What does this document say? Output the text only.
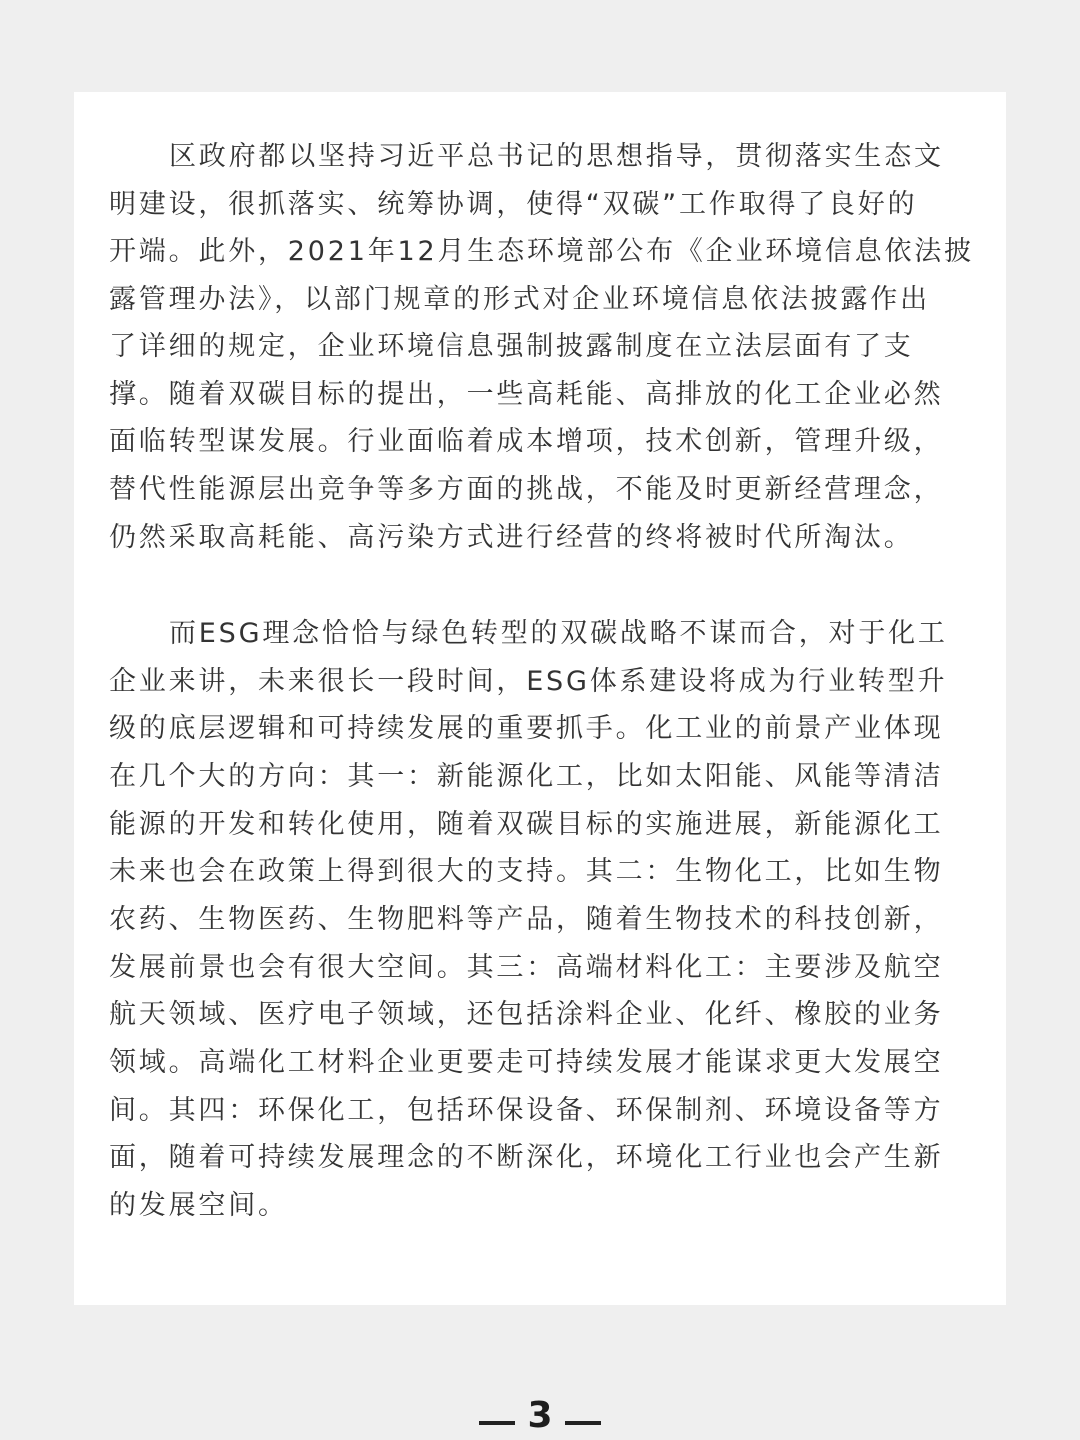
区政府都以坚持习近平总书记的思想指导，贯彻落实生态文
明建设，很抓落实、统筹协调，使得“双碳”工作取得了良好的
开端。此外，2021年12月生态环境部公布《企业环境信息依法披
露管理办法》，以部门规章的形式对企业环境信息依法披露作出
了详细的规定，企业环境信息强制披露制度在立法层面有了支
撑。随着双碳目标的提出，一些高耗能、高排放的化工企业必然
面临转型谋发展。行业面临着成本增项，技术创新，管理升级，
替代性能源层出竞争等多方面的挑战，不能及时更新经营理念，
仍然采取高耗能、高污染方式进行经营的终将被时代所淘汰。
而ESG理念恰恰与绿色转型的双碳战略不谋而合，对于化工
企业来讲，未来很长一段时间，ESG体系建设将成为行业转型升
级的底层逻辑和可持续发展的重要抓手。化工业的前景产业体现
在几个大的方向：其一：新能源化工，比如太阳能、风能等清洁
能源的开发和转化使用，随着双碳目标的实施进展，新能源化工
未来也会在政策上得到很大的支持。其二：生物化工，比如生物
农药、生物医药、生物肥料等产品，随着生物技术的科技创新，
发展前景也会有很大空间。其三：高端材料化工：主要涉及航空
航天领域、医疗电子领域，还包括涂料企业、化纤、橡胶的业务
领域。高端化工材料企业更要走可持续发展才能谋求更大发展空
间。其四：环保化工，包括环保设备、环保制剂、环境设备等方
面，随着可持续发展理念的不断深化，环境化工行业也会产生新
的发展空间。
3
